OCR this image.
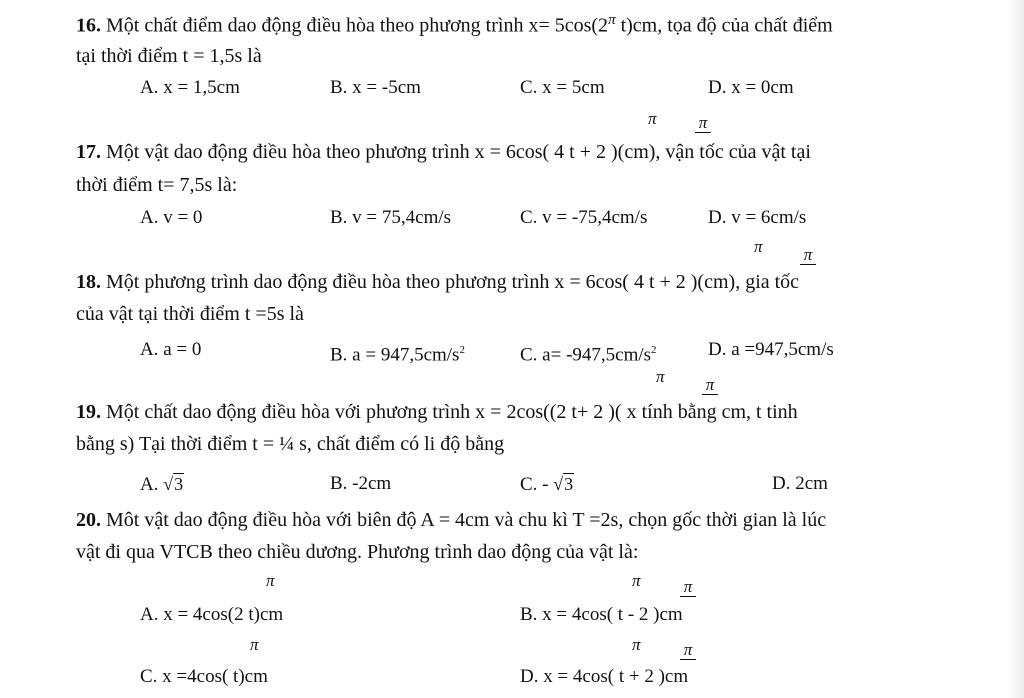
16. Một chất điểm dao động điều hòa theo phương trình $x= 5\cos(2^\pi$ t)cm, tọa độ của chất điểm
tại thời điểm t = 1,5s là
A. x = 1,5cm	B. x = -5cm	C. x = 5cm	D. x = 0cm
π π
17. Một vật dao động điều hòa theo phương trình x = 6cos( 4 t + 2 )(cm), vận tốc của vật tại
thời điểm t= 7,5s là:
A. v = 0	B. v = 75,4cm/s	C. v = -75,4cm/s	D. v = 6cm/s
π π
18. Một phương trình dao động điều hòa theo phương trình x = 6cos( 4 t + 2 )(cm), gia tốc
của vật tại thời điểm t =5s là
A. a = 0	B. $a = 947,5cm/s^2$	C. $a= -947,5cm/s^2$	D. a =947,5cm/s
π π
19. Một chất dao động điều hòa với phương trình x = 2cos((2 t+ 2 )( x tính bằng cm, t tinh
bằng s) Tại thời điểm t = ¼ s, chất điểm có li độ bằng
A. √3	B. -2cm	C. - √3	D. 2cm
20. Môt vật dao động điều hòa với biên độ A = 4cm và chu kì T =2s, chọn gốc thời gian là lúc
vật đi qua VTCB theo chiều dương. Phương trình dao động của vật là:
π	π	π
A. x = 4cos(2 t)cm	B. x = 4cos( t - 2 )cm
π	π	π
C. x =4cos( t)cm	D. x = 4cos( t + 2 )cm
